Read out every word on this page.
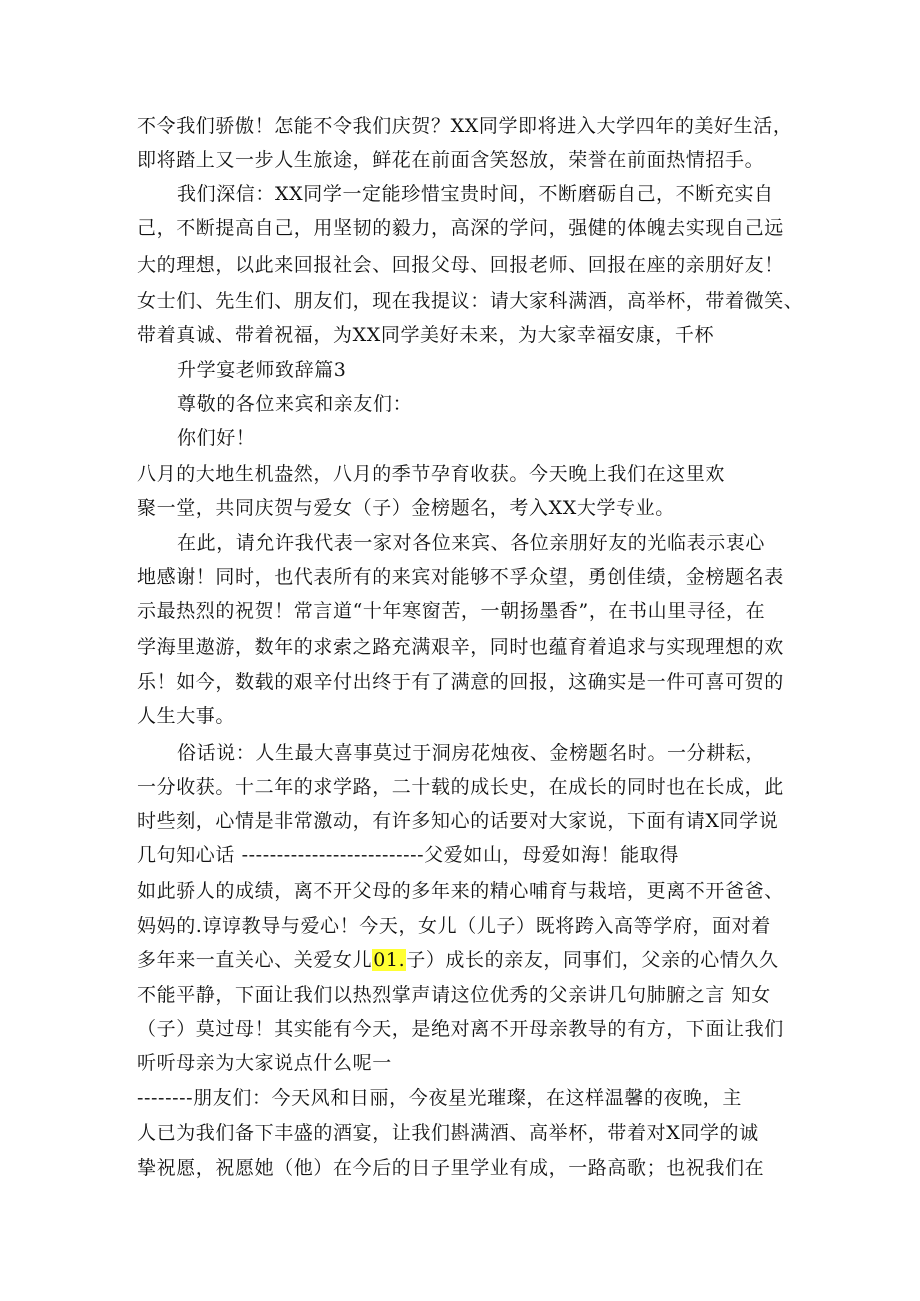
不令我们骄傲！怎能不令我们庆贺？XX同学即将进入大学四年的美好生活，
即将踏上又一步人生旅途，鲜花在前面含笑怒放，荣誉在前面热情招手。
我们深信：XX同学一定能珍惜宝贵时间，不断磨砺自己，不断充实自
己，不断提高自己，用坚韧的毅力，高深的学问，强健的体魄去实现自己远
大的理想，以此来回报社会、回报父母、回报老师、回报在座的亲朋好友！
女士们、先生们、朋友们，现在我提议：请大家科满酒，高举杯，带着微笑、
带着真诚、带着祝福，为XX同学美好未来，为大家幸福安康，千杯
升学宴老师致辞篇3
尊敬的各位来宾和亲友们：
你们好！
八月的大地生机盎然，八月的季节孕育收获。今天晚上我们在这里欢
聚一堂，共同庆贺与爱女（子）金榜题名，考入XX大学专业。
在此，请允许我代表一家对各位来宾、各位亲朋好友的光临表示衷心
地感谢！同时，也代表所有的来宾对能够不孚众望，勇创佳绩，金榜题名表
示最热烈的祝贺！常言道“十年寒窗苦，一朝扬墨香”，在书山里寻径，在
学海里遨游，数年的求索之路充满艰辛，同时也蕴育着追求与实现理想的欢
乐！如今，数载的艰辛付出终于有了满意的回报，这确实是一件可喜可贺的
人生大事。
俗话说：人生最大喜事莫过于洞房花烛夜、金榜题名时。一分耕耘，
一分收获。十二年的求学路，二十载的成长史，在成长的同时也在长成，此
时些刻，心情是非常激动，有许多知心的话要对大家说，下面有请X同学说
几句知心话 --------------------------父爱如山，母爱如海！能取得
如此骄人的成绩，离不开父母的多年来的精心哺育与栽培，更离不开爸爸、
妈妈的.谆谆教导与爱心！今天，女儿（儿子）既将跨入高等学府，面对着
多年来一直关心、关爱女儿01.子）成长的亲友，同事们，父亲的心情久久
不能平静，下面让我们以热烈掌声请这位优秀的父亲讲几句肺腑之言 知女
（子）莫过母！其实能有今天，是绝对离不开母亲教导的有方，下面让我们
听听母亲为大家说点什么呢一
--------朋友们：今天风和日丽，今夜星光璀璨，在这样温馨的夜晚，主
人已为我们备下丰盛的酒宴，让我们斟满酒、高举杯，带着对X同学的诚
挚祝愿，祝愿她（他）在今后的日子里学业有成，一路高歌；也祝我们在
